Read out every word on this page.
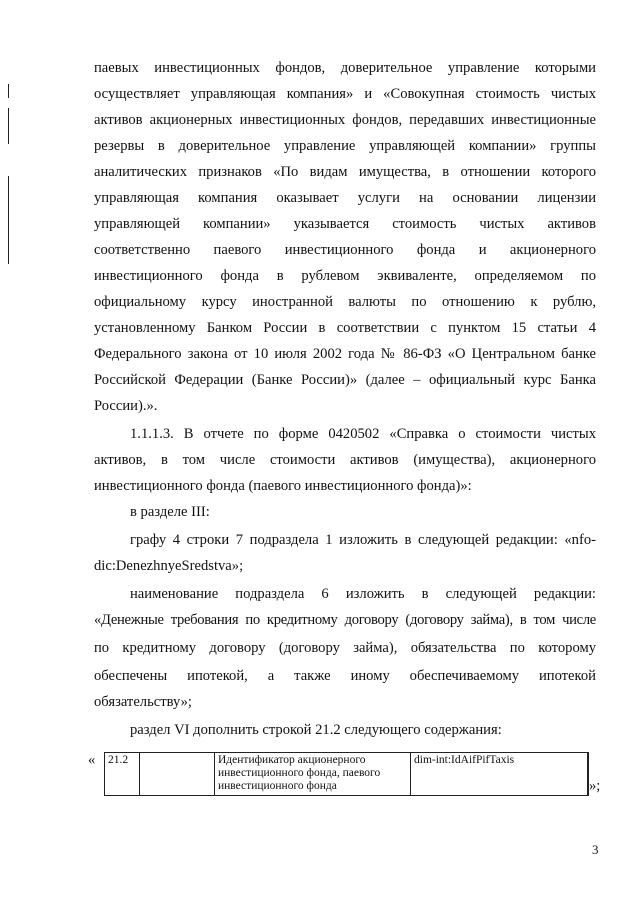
паевых инвестиционных фондов, доверительное управление которыми
осуществляет управляющая компания» и «Совокупная стоимость чистых
активов акционерных инвестиционных фондов, передавших инвестиционные
резервы в доверительное управление управляющей компании» группы
аналитических признаков «По видам имущества, в отношении которого
управляющая компания оказывает услуги на основании лицензии
управляющей компании» указывается стоимость чистых активов
соответственно паевого инвестиционного фонда и акционерного
инвестиционного фонда в рублевом эквиваленте, определяемом по
официальному курсу иностранной валюты по отношению к рублю,
установленному Банком России в соответствии с пунктом 15 статьи 4
Федерального закона от 10 июля 2002 года № 86-ФЗ «О Центральном банке
Российской Федерации (Банке России)» (далее – официальный курс Банка
России).».
1.1.1.3. В отчете по форме 0420502 «Справка о стоимости чистых
активов, в том числе стоимости активов (имущества), акционерного
инвестиционного фонда (паевого инвестиционного фонда)»:
в разделе III:
графу 4 строки 7 подраздела 1 изложить в следующей редакции: «nfo-
dic:DenezhnyeSredstva»;
наименование подраздела 6 изложить в следующей редакции:
«Денежные требования по кредитному договору (договору займа), в том числе
по кредитному договору (договору займа), обязательства по которому
обеспечены ипотекой, а также иному обеспечиваемому ипотекой
обязательству»;
раздел VI дополнить строкой 21.2 следующего содержания:
« 21.2		Идентификатор акционерного инвестиционного фонда, паевого инвестиционного фонда	dim-int:IdAifPifTaxis	
»;
3
